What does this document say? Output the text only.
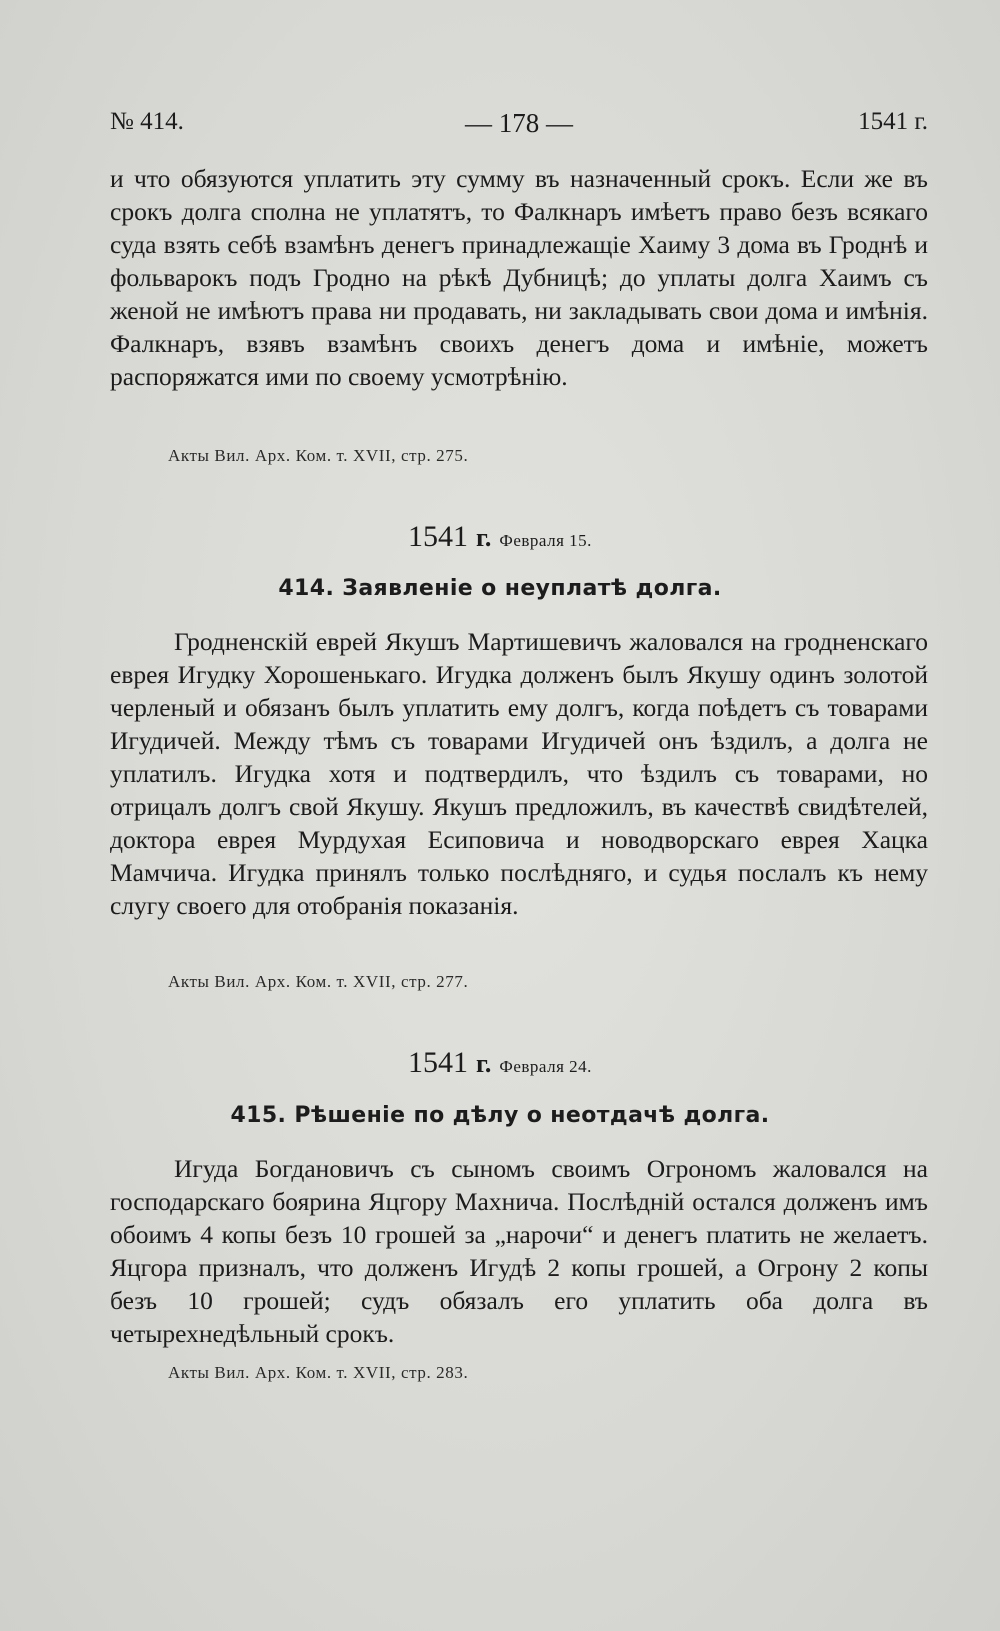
№ 414.	— 178 —	1541 г.

и что обязуются уплатить эту сумму въ назначенный срокъ. Если же въ срокъ долга сполна не уплатятъ, то Фалкнаръ имѣетъ право безъ всякаго суда взять себѣ взамѣнъ денегъ принадлежащіе Хаиму 3 дома въ Гроднѣ и фольварокъ подъ Гродно на рѣкѣ Дубницѣ; до уплаты долга Хаимъ съ женой не имѣютъ права ни продавать, ни закладывать свои дома и имѣнія. Фалкнаръ, взявъ взамѣнъ своихъ денегъ дома и имѣніе, можетъ распоряжатся ими по своему усмотрѣнію.

Акты Вил. Арх. Ком. т. XVII, стр. 275.
1541 г. Февраля 15.
414. Заявленіе о неуплатѣ долга.

Гродненскій еврей Якушъ Мартишевичъ жаловался на гродненскаго еврея Игудку Хорошенькаго. Игудка долженъ былъ Якушу одинъ золотой черленый и обязанъ былъ уплатить ему долгъ, когда поѣдетъ съ товарами Игудичей. Между тѣмъ съ товарами Игудичей онъ ѣздилъ, а долга не уплатилъ. Игудка хотя и подтвердилъ, что ѣздилъ съ товарами, но отрицалъ долгъ свой Якушу. Якушъ предложилъ, въ качествѣ свидѣтелей, доктора еврея Мурдухая Есиповича и новодворскаго еврея Хацка Мамчича. Игудка принялъ только послѣдняго, и судья послалъ къ нему слугу своего для отобранія показанія.

Акты Вил. Арх. Ком. т. XVII, стр. 277.
1541 г. Февраля 24.
415. Рѣшеніе по дѣлу о неотдачѣ долга.

Игуда Богдановичъ съ сыномъ своимъ Огрономъ жаловался на господарскаго боярина Яцгору Махнича. Послѣдній остался долженъ имъ обоимъ 4 копы безъ 10 грошей за „нарочи“ и денегъ платить не желаетъ. Яцгора призналъ, что долженъ Игудѣ 2 копы грошей, а Огрону 2 копы безъ 10 грошей; судъ обязалъ его уплатить оба долга въ четырехнедѣльный срокъ.

Акты Вил. Арх. Ком. т. XVII, стр. 283.
